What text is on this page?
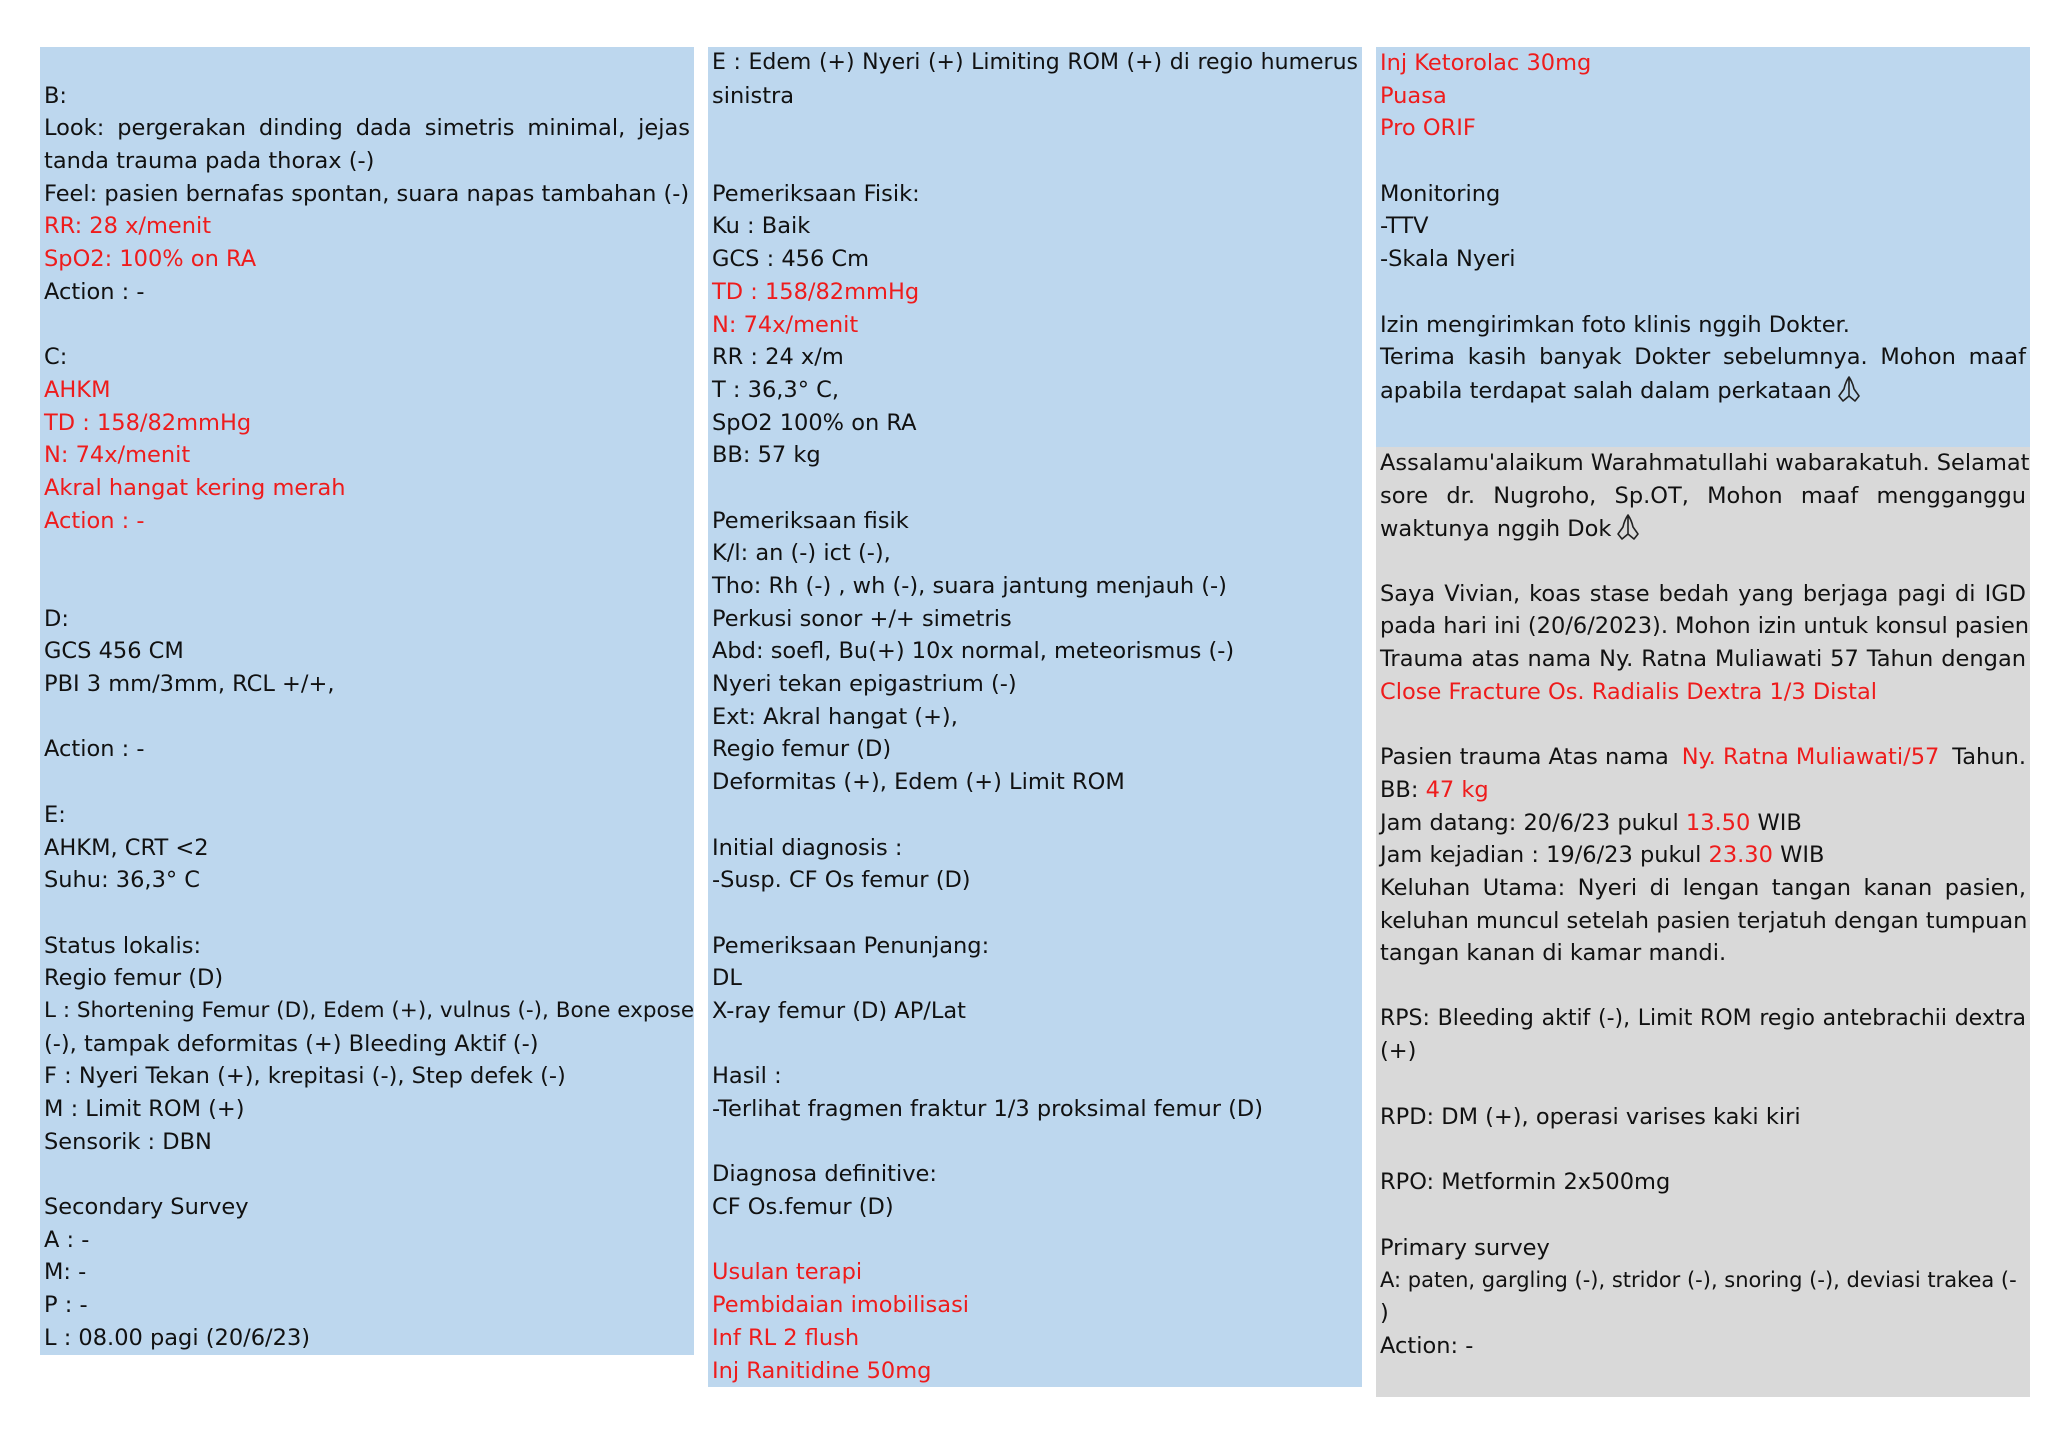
B:
Look: pergerakan dinding dada simetris minimal, jejas
tanda trauma pada thorax (-)
Feel: pasien bernafas spontan, suara napas tambahan (-)
RR: 28 x/menit
SpO2: 100% on RA
Action : -
C:
AHKM
TD : 158/82mmHg
N: 74x/menit
Akral hangat kering merah
Action : -
D:
GCS 456 CM
PBI 3 mm/3mm, RCL +/+,
Action : -
E:
AHKM, CRT <2
Suhu: 36,3° C
Status lokalis:
Regio femur (D)
L : Shortening Femur (D), Edem (+), vulnus (-), Bone expose
(-), tampak deformitas (+) Bleeding Aktif (-)
F : Nyeri Tekan (+), krepitasi (-), Step defek (-)
M : Limit ROM (+)
Sensorik : DBN
Secondary Survey
A : -
M: -
P : -
L : 08.00 pagi (20/6/23)
E : Edem (+) Nyeri (+) Limiting ROM (+) di regio humerus
sinistra
Pemeriksaan Fisik:
Ku : Baik
GCS : 456 Cm
TD : 158/82mmHg
N: 74x/menit
RR : 24 x/m
T : 36,3° C,
SpO2 100% on RA
BB: 57 kg
Pemeriksaan fisik
K/l: an (-) ict (-),
Tho: Rh (-) , wh (-), suara jantung menjauh (-)
Perkusi sonor +/+ simetris
Abd: soefl, Bu(+) 10x normal, meteorismus (-)
Nyeri tekan epigastrium (-)
Ext: Akral hangat (+),
Regio femur (D)
Deformitas (+), Edem (+) Limit ROM
Initial diagnosis :
-Susp. CF Os femur (D)
Pemeriksaan Penunjang:
DL
X-ray femur (D) AP/Lat
Hasil :
-Terlihat fragmen fraktur 1/3 proksimal femur (D)
Diagnosa definitive:
CF Os.femur (D)
Usulan terapi
Pembidaian imobilisasi
Inf RL 2 flush
Inj Ranitidine 50mg
Inj Ketorolac 30mg
Puasa
Pro ORIF
Monitoring
-TTV
-Skala Nyeri
Izin mengirimkan foto klinis nggih Dokter.
Terima kasih banyak Dokter sebelumnya. Mohon maaf
apabila terdapat salah dalam perkataan
Assalamu'alaikum Warahmatullahi wabarakatuh. Selamat
sore dr. Nugroho, Sp.OT, Mohon maaf mengganggu
waktunya nggih Dok
Saya Vivian, koas stase bedah yang berjaga pagi di IGD
pada hari ini (20/6/2023). Mohon izin untuk konsul pasien
Trauma atas nama Ny. Ratna Muliawati 57 Tahun dengan
Close Fracture Os. Radialis Dextra 1/3 Distal
Pasien trauma Atas nama Ny. Ratna Muliawati/57 Tahun.
BB: 47 kg
Jam datang: 20/6/23 pukul 13.50 WIB
Jam kejadian : 19/6/23 pukul 23.30 WIB
Keluhan Utama: Nyeri di lengan tangan kanan pasien,
keluhan muncul setelah pasien terjatuh dengan tumpuan
tangan kanan di kamar mandi.
RPS: Bleeding aktif (-), Limit ROM regio antebrachii dextra
(+)
RPD: DM (+), operasi varises kaki kiri
RPO: Metformin 2x500mg
Primary survey
A: paten, gargling (-), stridor (-), snoring (-), deviasi trakea (-
)
Action: -
